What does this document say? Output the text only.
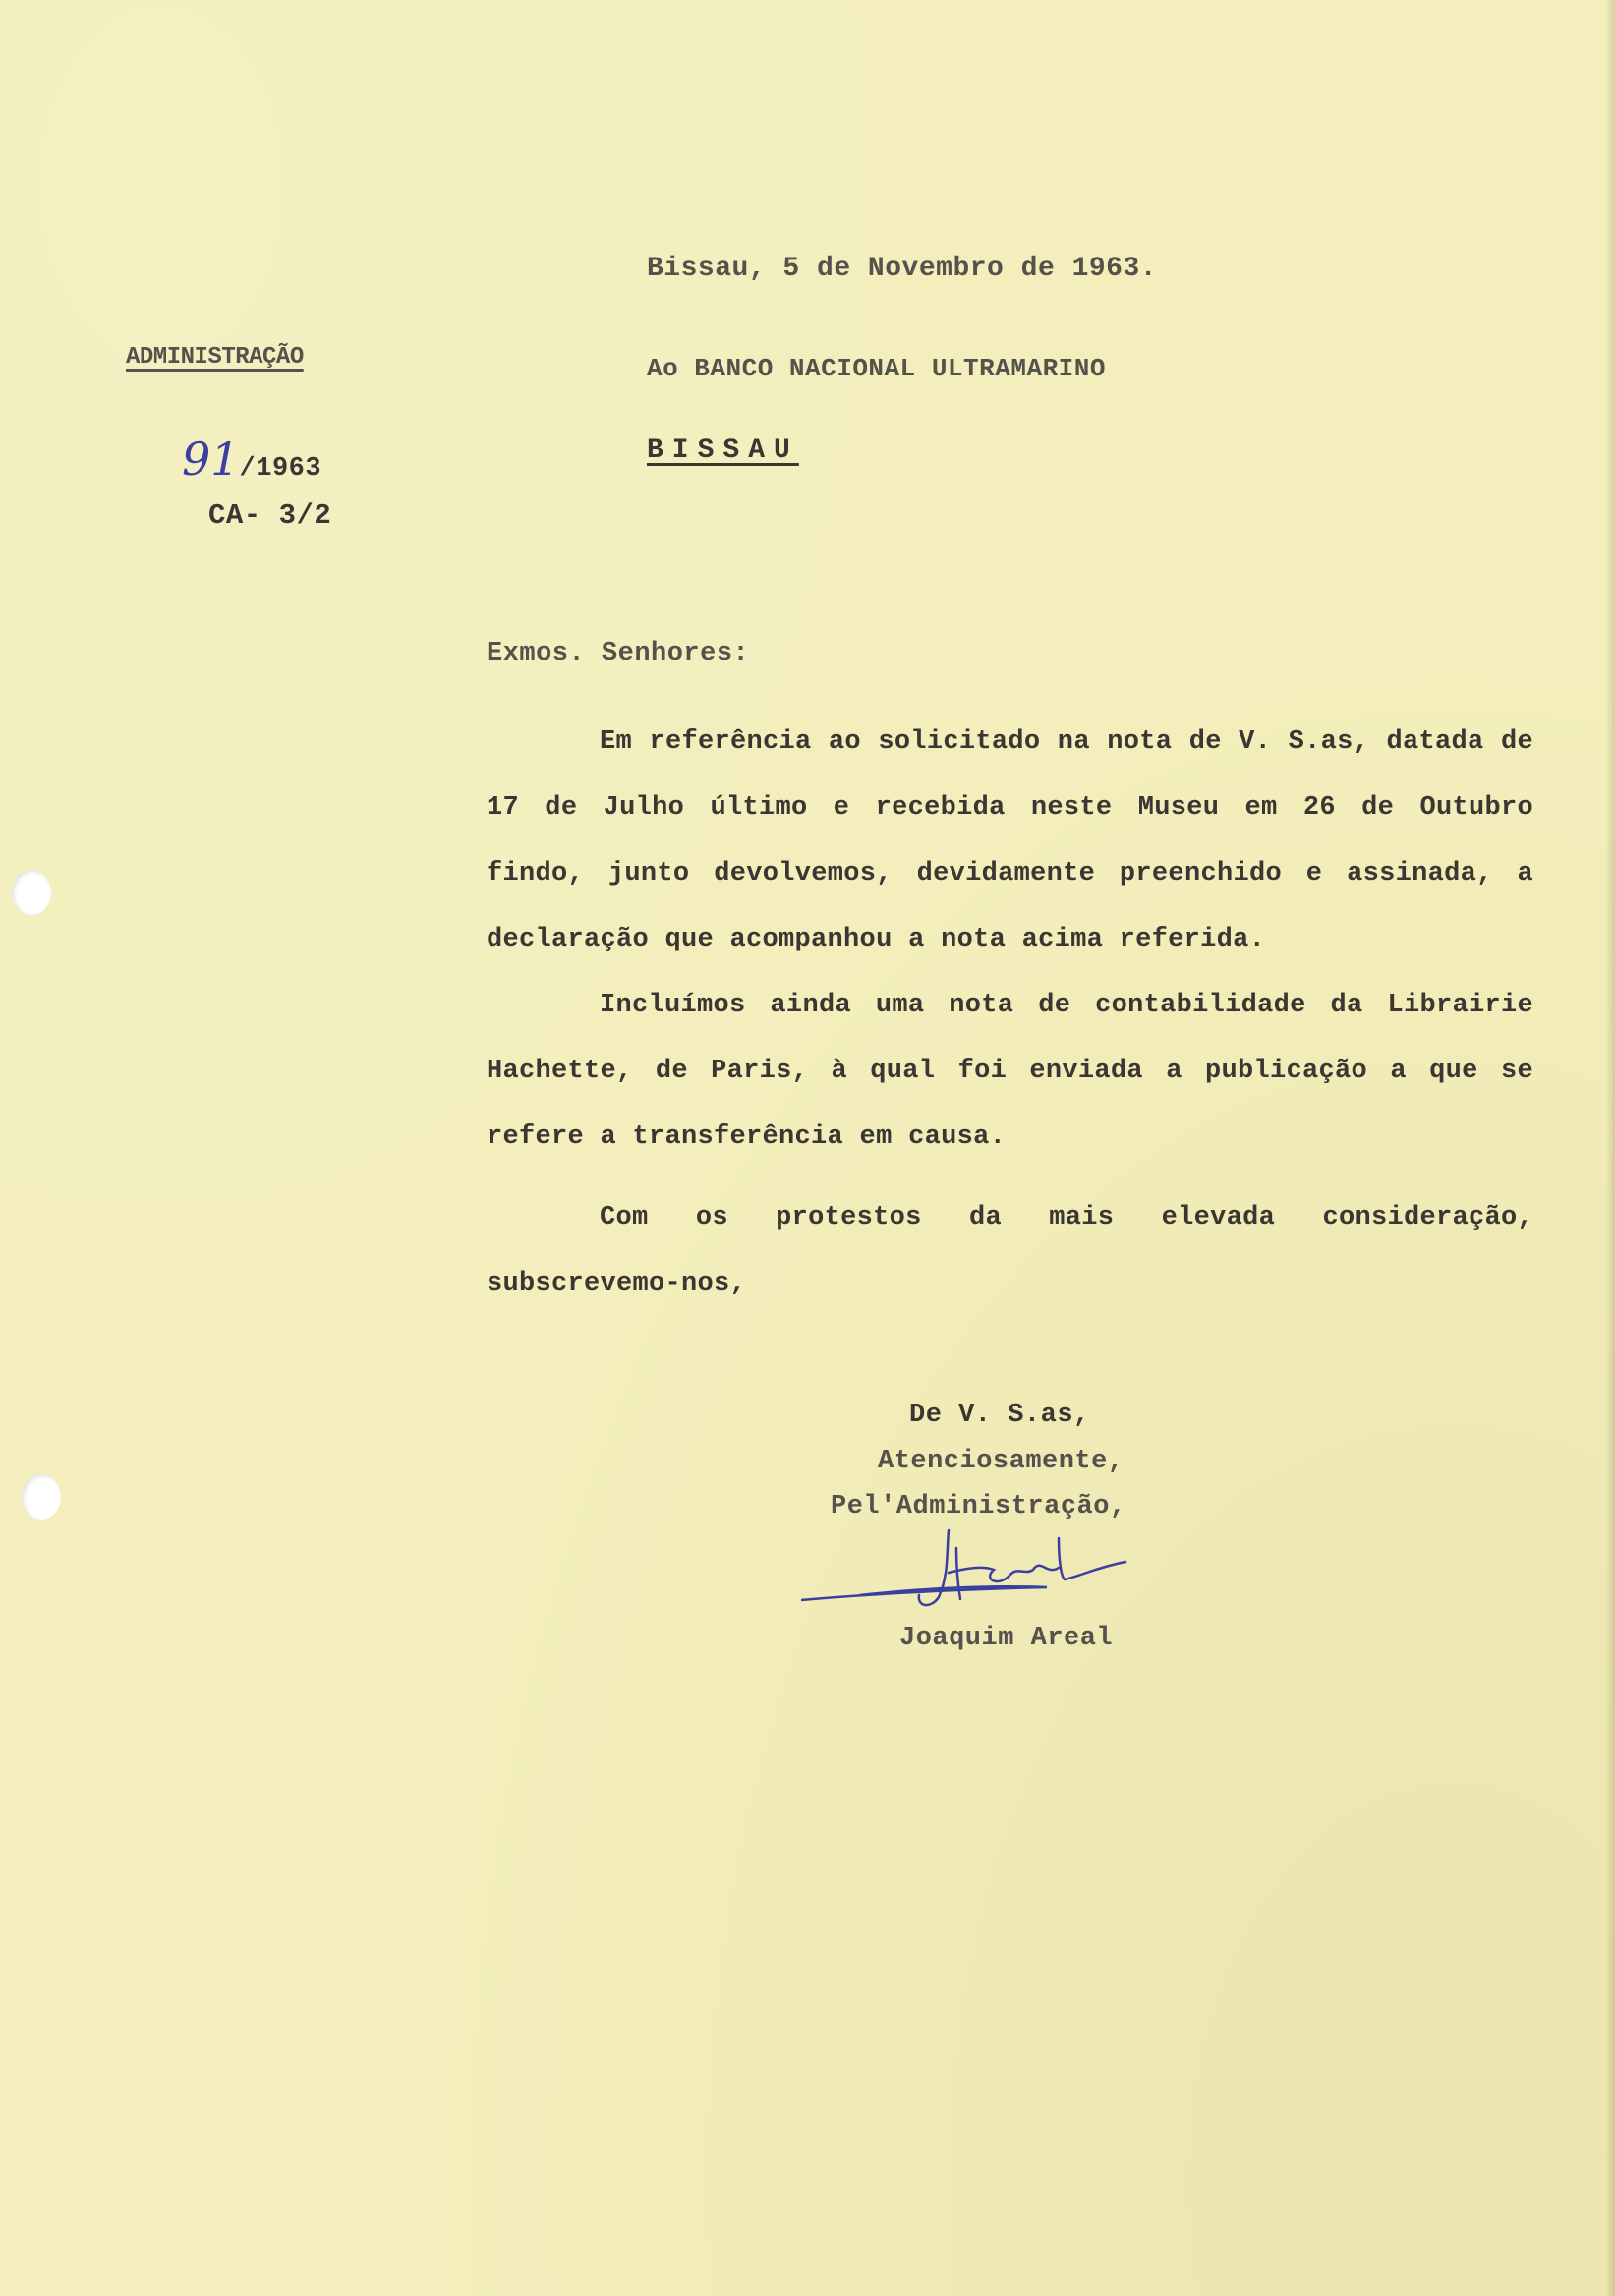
Bissau, 5 de Novembro de 1963.
ADMINISTRAÇÃO	Ao BANCO NACIONAL ULTRAMARINO
BISSAU
91/1963
CA- 3/2
Exmos. Senhores:
Em referência ao solicitado na nota de V. S.as, datada de 17 de Julho último e recebida neste Museu em 26 de Outubro findo, junto devolvemos, devidamente preenchido e assinada, a declaração que acompanhou a nota acima referida.
Incluímos ainda uma nota de contabilidade da Librairie Hachette, de Paris, à qual foi enviada a publicação a que se refere a transferência em causa.
Com os protestos da mais elevada consideração, subscrevemo-nos,
De V. S.as,
Atenciosamente,
Pel'Administração,
Joaquim Areal
